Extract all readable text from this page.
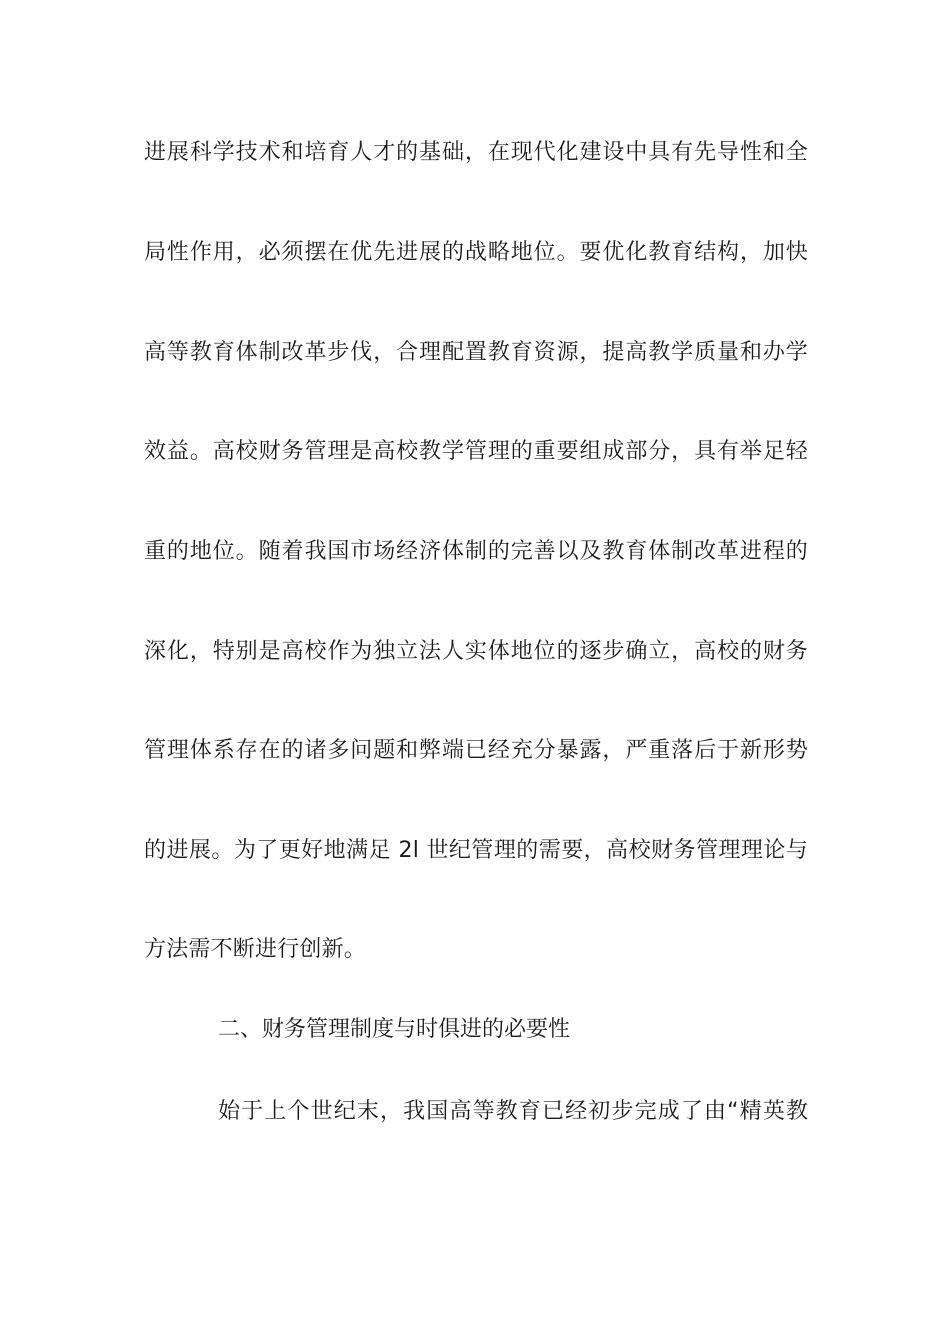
进展科学技术和培育人才的基础，在现代化建设中具有先导性和全
局性作用，必须摆在优先进展的战略地位。要优化教育结构，加快
高等教育体制改革步伐，合理配置教育资源，提高教学质量和办学
效益。高校财务管理是高校教学管理的重要组成部分，具有举足轻
重的地位。随着我国市场经济体制的完善以及教育体制改革进程的
深化，特别是高校作为独立法人实体地位的逐步确立，高校的财务
管理体系存在的诸多问题和弊端已经充分暴露，严重落后于新形势
的进展。为了更好地满足 2l 世纪管理的需要，高校财务管理理论与
方法需不断进行创新。
二、财务管理制度与时俱进的必要性
始于上个世纪末，我国高等教育已经初步完成了由“精英教
